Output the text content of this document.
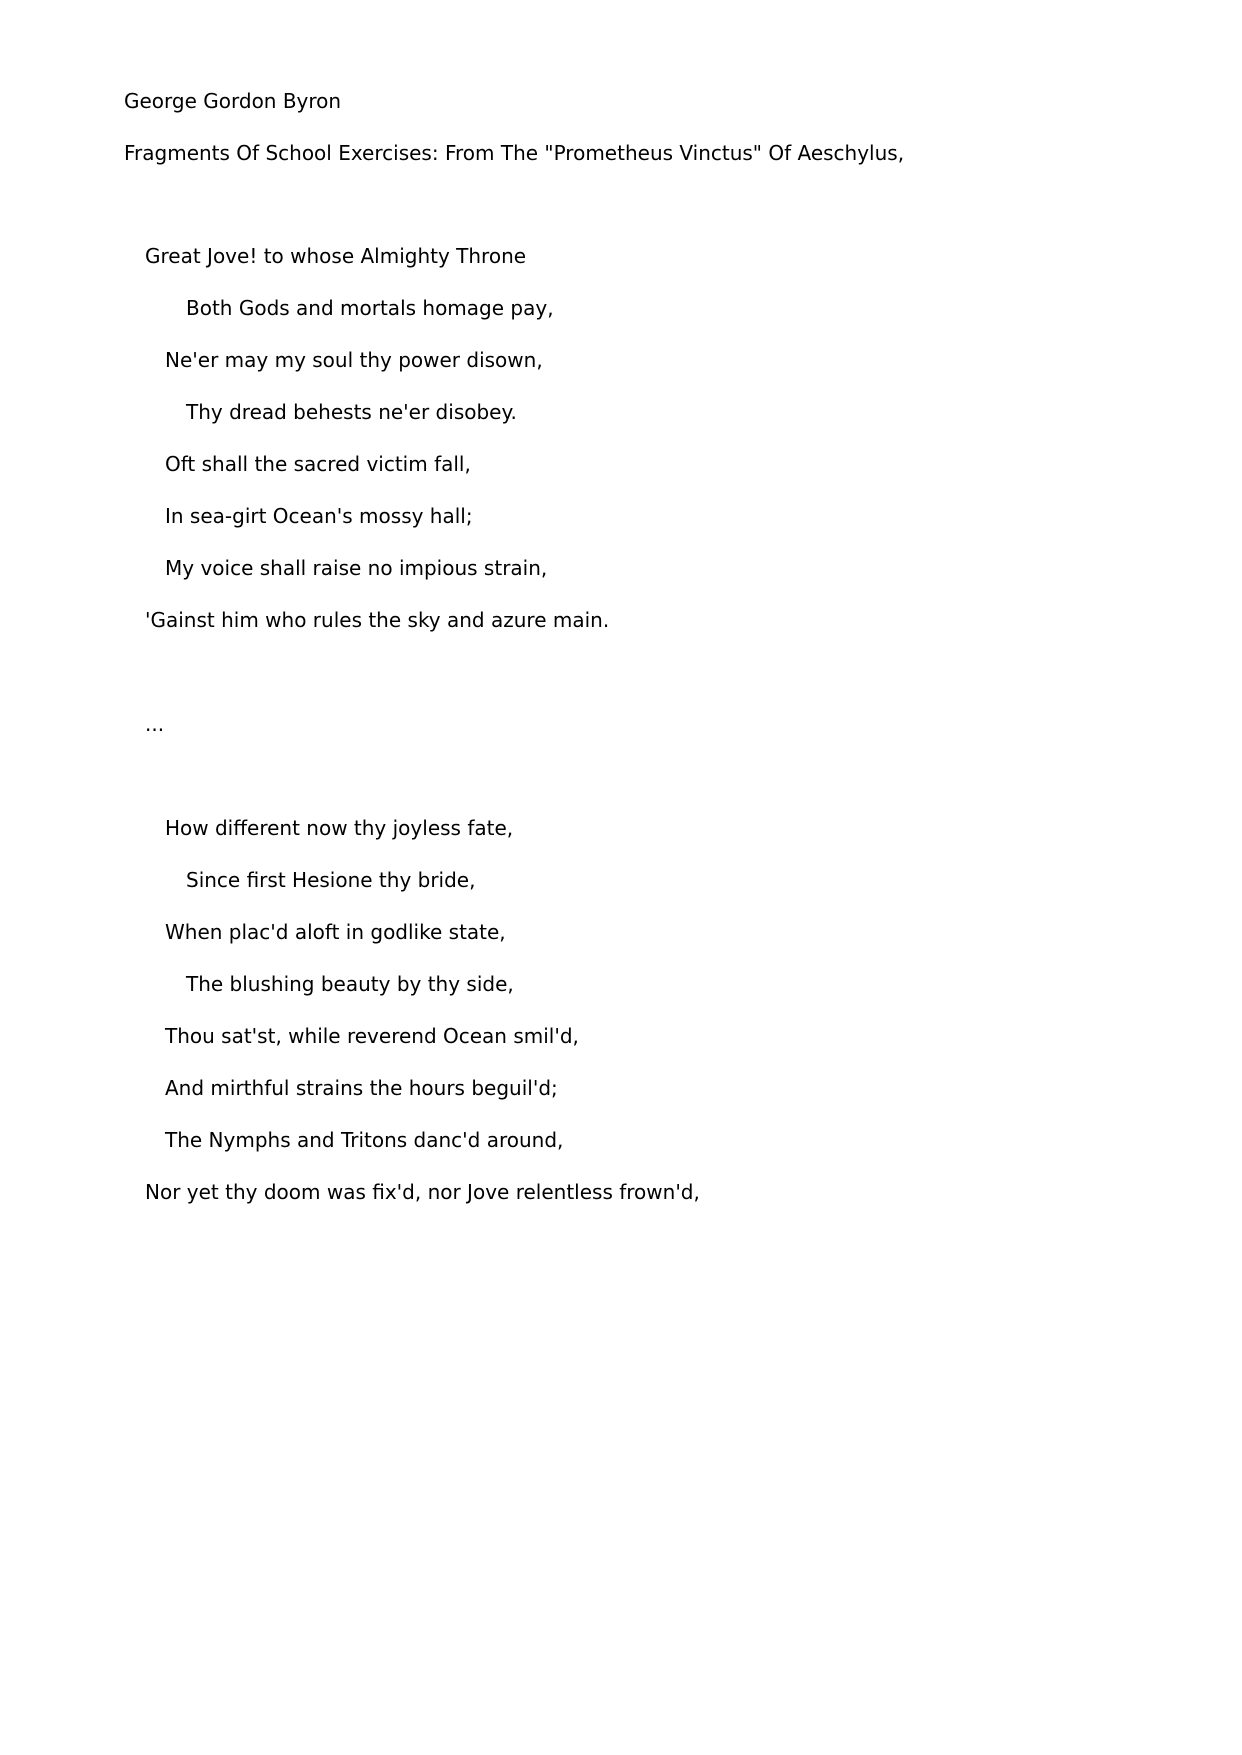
George Gordon Byron
Fragments Of School Exercises: From The "Prometheus Vinctus" Of Aeschylus,
Great Jove! to whose Almighty Throne
Both Gods and mortals homage pay,
Ne'er may my soul thy power disown,
Thy dread behests ne'er disobey.
Oft shall the sacred victim fall,
In sea-girt Ocean's mossy hall;
My voice shall raise no impious strain,
'Gainst him who rules the sky and azure main.
...
How different now thy joyless fate,
Since first Hesione thy bride,
When plac'd aloft in godlike state,
The blushing beauty by thy side,
Thou sat'st, while reverend Ocean smil'd,
And mirthful strains the hours beguil'd;
The Nymphs and Tritons danc'd around,
Nor yet thy doom was fix'd, nor Jove relentless frown'd,
